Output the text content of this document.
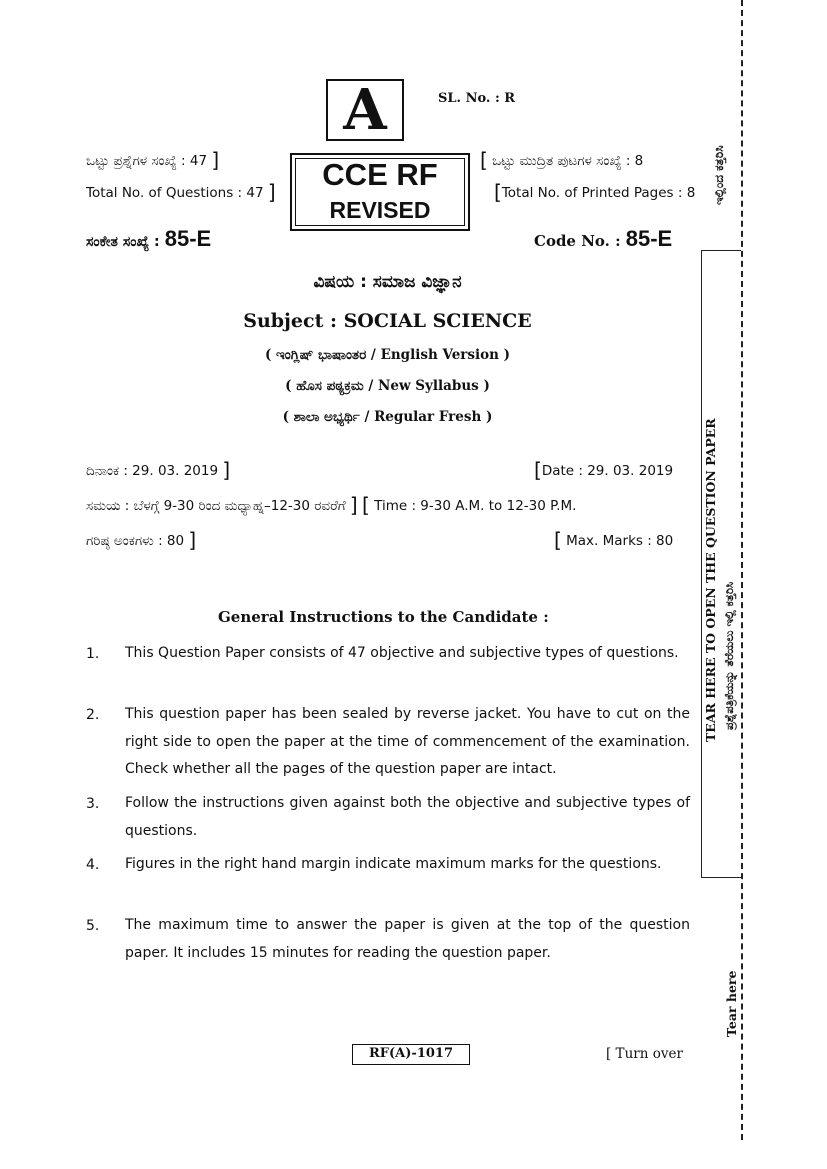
A	SL. No. : R
CCE RF
REVISED
ಒಟ್ಟು ಪ್ರಶ್ನೆಗಳ ಸಂಖ್ಯೆ : 47 ]
Total No. of Questions : 47 ]
[ ಒಟ್ಟು ಮುದ್ರಿತ ಪುಟಗಳ ಸಂಖ್ಯೆ : 8
[Total No. of Printed Pages : 8
ಸಂಕೇತ ಸಂಖ್ಯೆ : 85-E	Code No. : 85-E
ವಿಷಯ : ಸಮಾಜ ವಿಜ್ಞಾನ
Subject : SOCIAL SCIENCE
( ಇಂಗ್ಲಿಷ್ ಭಾಷಾಂತರ / English Version )
( ಹೊಸ ಪಠ್ಯಕ್ರಮ / New Syllabus )
( ಶಾಲಾ ಅಭ್ಯರ್ಥಿ / Regular Fresh )
ದಿನಾಂಕ : 29. 03. 2019 ]	[Date : 29. 03. 2019
ಸಮಯ : ಬೆಳಗ್ಗೆ 9-30 ರಿಂದ ಮಧ್ಯಾಹ್ನ–12-30 ರವರೆಗೆ ] [ Time : 9-30 A.M. to 12-30 P.M.
ಗರಿಷ್ಠ ಅಂಕಗಳು : 80 ]	[ Max. Marks : 80
General Instructions to the Candidate :
1. This Question Paper consists of 47 objective and subjective types of questions.
2. This question paper has been sealed by reverse jacket. You have to cut on the right side to open the paper at the time of commencement of the examination. Check whether all the pages of the question paper are intact.
3. Follow the instructions given against both the objective and subjective types of questions.
4. Figures in the right hand margin indicate maximum marks for the questions.
5. The maximum time to answer the paper is given at the top of the question paper. It includes 15 minutes for reading the question paper.
ಇಲ್ಲಿಂದ ಕತ್ತರಿಸಿ
TEAR HERE TO OPEN THE QUESTION PAPER ಪ್ರಶ್ನೆಪತ್ರಿಕೆಯನ್ನು ತೆರೆಯಲು ಇಲ್ಲಿ ಕತ್ತರಿಸಿ
Tear here
RF(A)-1017	[ Turn over
